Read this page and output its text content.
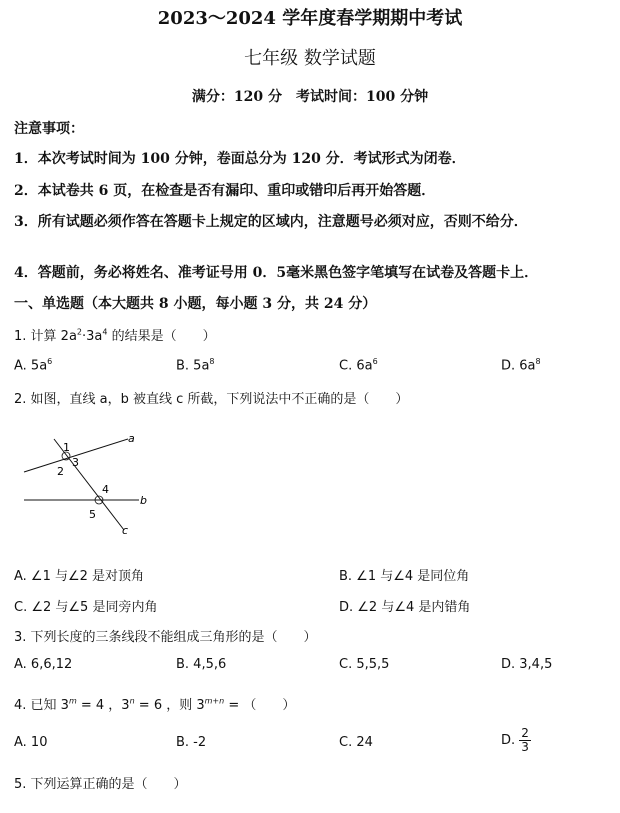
2023～2024 学年度春学期期中考试
七年级 数学试题
满分：120 分　考试时间：100 分钟
注意事项：
1．本次考试时间为 100 分钟，卷面总分为 120 分．考试形式为闭卷．
2．本试卷共 6 页，在检查是否有漏印、重印或错印后再开始答题．
3．所有试题必须作答在答题卡上规定的区域内，注意题号必须对应，否则不给分．
4．答题前，务必将姓名、准考证号用 0．5毫米黑色签字笔填写在试卷及答题卡上．
一、单选题（本大题共 8 小题，每小题 3 分，共 24 分）
1. 计算 $2a^2\cdot 3a^4$ 的结果是（　　）
A. $5a^6$	B. $5a^8$	C. $6a^6$	D. $6a^8$
2. 如图，直线 a，b 被直线 c 所截，下列说法中不正确的是（　　）
1
2
3
4
5
a
b
c
A. ∠1 与∠2 是对顶角	B. ∠1 与∠4 是同位角
C. ∠2 与∠5 是同旁内角	D. ∠2 与∠4 是内错角
3. 下列长度的三条线段不能组成三角形的是（　　）
A. 6,6,12	B. 4,5,6	C. 5,5,5	D. 3,4,5
4. 已知 $3^m = 4$ ，$3^n = 6$ ，则 $3^{m+n}$ = （　　）
A. 10	B. -2	C. 24	D. $\frac{2}{3}$
5. 下列运算正确的是（　　）
